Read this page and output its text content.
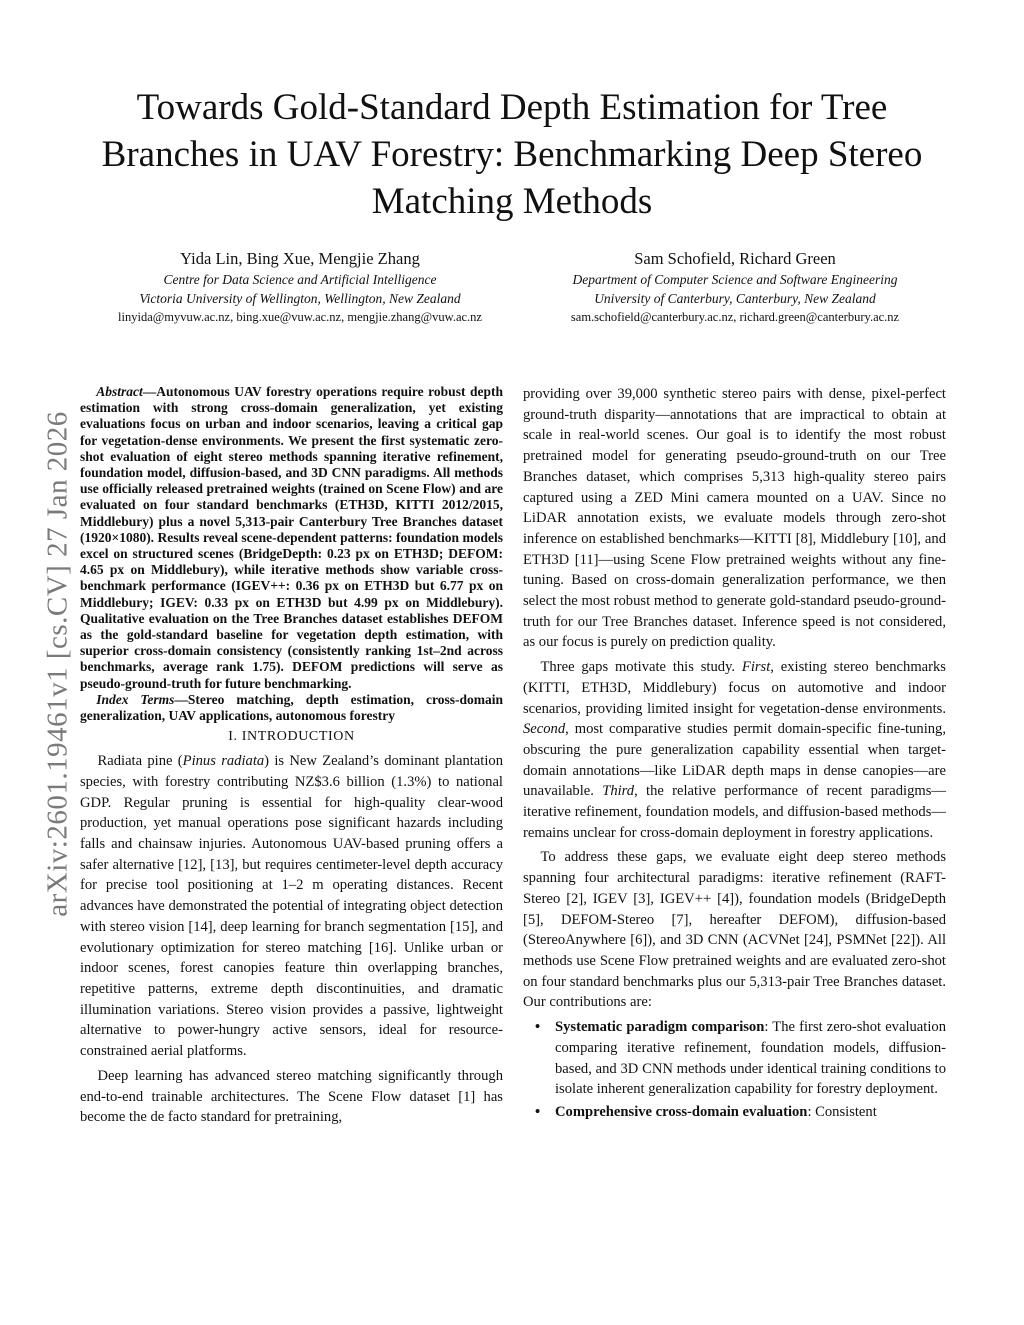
arXiv:2601.19461v1 [cs.CV] 27 Jan 2026
Towards Gold-Standard Depth Estimation for Tree Branches in UAV Forestry: Benchmarking Deep Stereo Matching Methods
Yida Lin, Bing Xue, Mengjie Zhang
Centre for Data Science and Artificial Intelligence
Victoria University of Wellington, Wellington, New Zealand
linyida@myvuw.ac.nz, bing.xue@vuw.ac.nz, mengjie.zhang@vuw.ac.nz
Sam Schofield, Richard Green
Department of Computer Science and Software Engineering
University of Canterbury, Canterbury, New Zealand
sam.schofield@canterbury.ac.nz, richard.green@canterbury.ac.nz

Abstract—Autonomous UAV forestry operations require robust depth estimation with strong cross-domain generalization, yet existing evaluations focus on urban and indoor scenarios, leaving a critical gap for vegetation-dense environments. We present the first systematic zero-shot evaluation of eight stereo methods spanning iterative refinement, foundation model, diffusion-based, and 3D CNN paradigms. All methods use officially released pretrained weights (trained on Scene Flow) and are evaluated on four standard benchmarks (ETH3D, KITTI 2012/2015, Middlebury) plus a novel 5,313-pair Canterbury Tree Branches dataset (1920×1080). Results reveal scene-dependent patterns: foundation models excel on structured scenes (BridgeDepth: 0.23 px on ETH3D; DEFOM: 4.65 px on Middlebury), while iterative methods show variable cross-benchmark performance (IGEV++: 0.36 px on ETH3D but 6.77 px on Middlebury; IGEV: 0.33 px on ETH3D but 4.99 px on Middlebury). Qualitative evaluation on the Tree Branches dataset establishes DEFOM as the gold-standard baseline for vegetation depth estimation, with superior cross-domain consistency (consistently ranking 1st–2nd across benchmarks, average rank 1.75). DEFOM predictions will serve as pseudo-ground-truth for future benchmarking.

Index Terms—Stereo matching, depth estimation, cross-domain generalization, UAV applications, autonomous forestry

I. INTRODUCTION

Radiata pine (Pinus radiata) is New Zealand’s dominant plantation species, with forestry contributing NZ$3.6 billion (1.3%) to national GDP. Regular pruning is essential for high-quality clear-wood production, yet manual operations pose significant hazards including falls and chainsaw injuries. Autonomous UAV-based pruning offers a safer alternative [12], [13], but requires centimeter-level depth accuracy for precise tool positioning at 1–2 m operating distances. Recent advances have demonstrated the potential of integrating object detection with stereo vision [14], deep learning for branch segmentation [15], and evolutionary optimization for stereo matching [16]. Unlike urban or indoor scenes, forest canopies feature thin overlapping branches, repetitive patterns, extreme depth discontinuities, and dramatic illumination variations. Stereo vision provides a passive, lightweight alternative to power-hungry active sensors, ideal for resource-constrained aerial platforms.

Deep learning has advanced stereo matching significantly through end-to-end trainable architectures. The Scene Flow dataset [1] has become the de facto standard for pretraining,

providing over 39,000 synthetic stereo pairs with dense, pixel-perfect ground-truth disparity—annotations that are impractical to obtain at scale in real-world scenes. Our goal is to identify the most robust pretrained model for generating pseudo-ground-truth on our Tree Branches dataset, which comprises 5,313 high-quality stereo pairs captured using a ZED Mini camera mounted on a UAV. Since no LiDAR annotation exists, we evaluate models through zero-shot inference on established benchmarks—KITTI [8], Middlebury [10], and ETH3D [11]—using Scene Flow pretrained weights without any fine-tuning. Based on cross-domain generalization performance, we then select the most robust method to generate gold-standard pseudo-ground-truth for our Tree Branches dataset. Inference speed is not considered, as our focus is purely on prediction quality.

Three gaps motivate this study. First, existing stereo benchmarks (KITTI, ETH3D, Middlebury) focus on automotive and indoor scenarios, providing limited insight for vegetation-dense environments. Second, most comparative studies permit domain-specific fine-tuning, obscuring the pure generalization capability essential when target-domain annotations—like LiDAR depth maps in dense canopies—are unavailable. Third, the relative performance of recent paradigms—iterative refinement, foundation models, and diffusion-based methods—remains unclear for cross-domain deployment in forestry applications.

To address these gaps, we evaluate eight deep stereo methods spanning four architectural paradigms: iterative refinement (RAFT-Stereo [2], IGEV [3], IGEV++ [4]), foundation models (BridgeDepth [5], DEFOM-Stereo [7], hereafter DEFOM), diffusion-based (StereoAnywhere [6]), and 3D CNN (ACVNet [24], PSMNet [22]). All methods use Scene Flow pretrained weights and are evaluated zero-shot on four standard benchmarks plus our 5,313-pair Tree Branches dataset. Our contributions are:

• Systematic paradigm comparison: The first zero-shot evaluation comparing iterative refinement, foundation models, diffusion-based, and 3D CNN methods under identical training conditions to isolate inherent generalization capability for forestry deployment.
• Comprehensive cross-domain evaluation: Consistent
